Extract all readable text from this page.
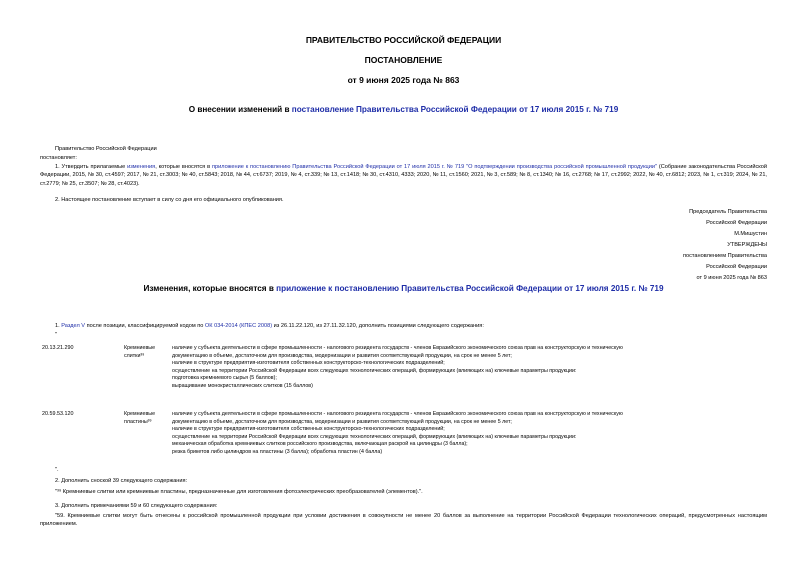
ПРАВИТЕЛЬСТВО РОССИЙСКОЙ ФЕДЕРАЦИИ
ПОСТАНОВЛЕНИЕ
от 9 июня 2025 года № 863
О внесении изменений в постановление Правительства Российской Федерации от 17 июля 2015 г. № 719
Правительство Российской Федерации
постановляет:
1. Утвердить прилагаемые изменения, которые вносятся в приложение к постановлению Правительства Российской Федерации от 17 июля 2015 г. № 719 "О подтверждении производства российской промышленной продукции" (Собрание законодательства Российской Федерации, 2015, № 30, ст.4597; 2017, № 21, ст.3003; № 40, ст.5843; 2018, № 44, ст.6737; 2019, № 4, ст.339; № 13, ст.1418; № 30, ст.4310, 4333; 2020, № 11, ст.1560; 2021, № 3, ст.589; № 8, ст.1340; № 16, ст.2768; № 17, ст.2992; 2022, № 40, ст.6812; 2023, № 1, ст.319; 2024, № 21, ст.2779; № 25, ст.3507; № 28, ст.4023).
2. Настоящее постановление вступает в силу со дня его официального опубликования.
Председатель Правительства
Российской Федерации
М.Мишустин
УТВЕРЖДЕНЫ
постановлением Правительства
Российской Федерации
от 9 июня 2025 года № 863
Изменения, которые вносятся в приложение к постановлению Правительства Российской Федерации от 17 июля 2015 г. № 719
1. Раздел V после позиции, классифицируемой кодом по ОК 034-2014 (КПЕС 2008) из 26.11.22.120, из 27.11.32.120, дополнить позициями следующего содержания:
"
20.13.21.290	Кремниевые
слитки³⁹
наличие у субъекта деятельности в сфере промышленности - налогового резидента государств - членов Евразийского экономического союза прав на конструкторскую и техническую
документацию в объеме, достаточном для производства, модернизации и развития соответствующей продукции, на срок не менее 5 лет;
наличие в структуре предприятия-изготовителя собственных конструкторско-технологических подразделений;
осуществление на территории Российской Федерации всех следующих технологических операций, формирующих (влияющих на) ключевые параметры продукции:
подготовка кремниевого сырья (5 баллов);
выращивание монокристаллических слитков (15 баллов)
20.59.53.120	Кремниевые
пластины³⁹
наличие у субъекта деятельности в сфере промышленности - налогового резидента государств - членов Евразийского экономического союза прав на конструкторскую и техническую
документацию в объеме, достаточном для производства, модернизации и развития соответствующей продукции, на срок не менее 5 лет;
наличие в структуре предприятия-изготовителя собственных конструкторско-технологических подразделений;
осуществление на территории Российской Федерации всех следующих технологических операций, формирующих (влияющих на) ключевые параметры продукции:
механическая обработка кремниевых слитков российского производства, включающая раскрой на цилиндры (3 балла);
резка брикетов либо цилиндров на пластины (3 балла); обработка пластин (4 балла)
".
2. Дополнить сноской 39 следующего содержания:
"³⁹ Кремниевые слитки или кремниевые пластины, предназначенные для изготовления фотоэлектрических преобразователей (элементов).".
3. Дополнить примечаниями 59 и 60 следующего содержания:
"59. Кремниевые слитки могут быть отнесены к российской промышленной продукции при условии достижения в совокупности не менее 20 баллов за выполнение на территории Российской Федерации технологических операций, предусмотренных настоящим приложением.
